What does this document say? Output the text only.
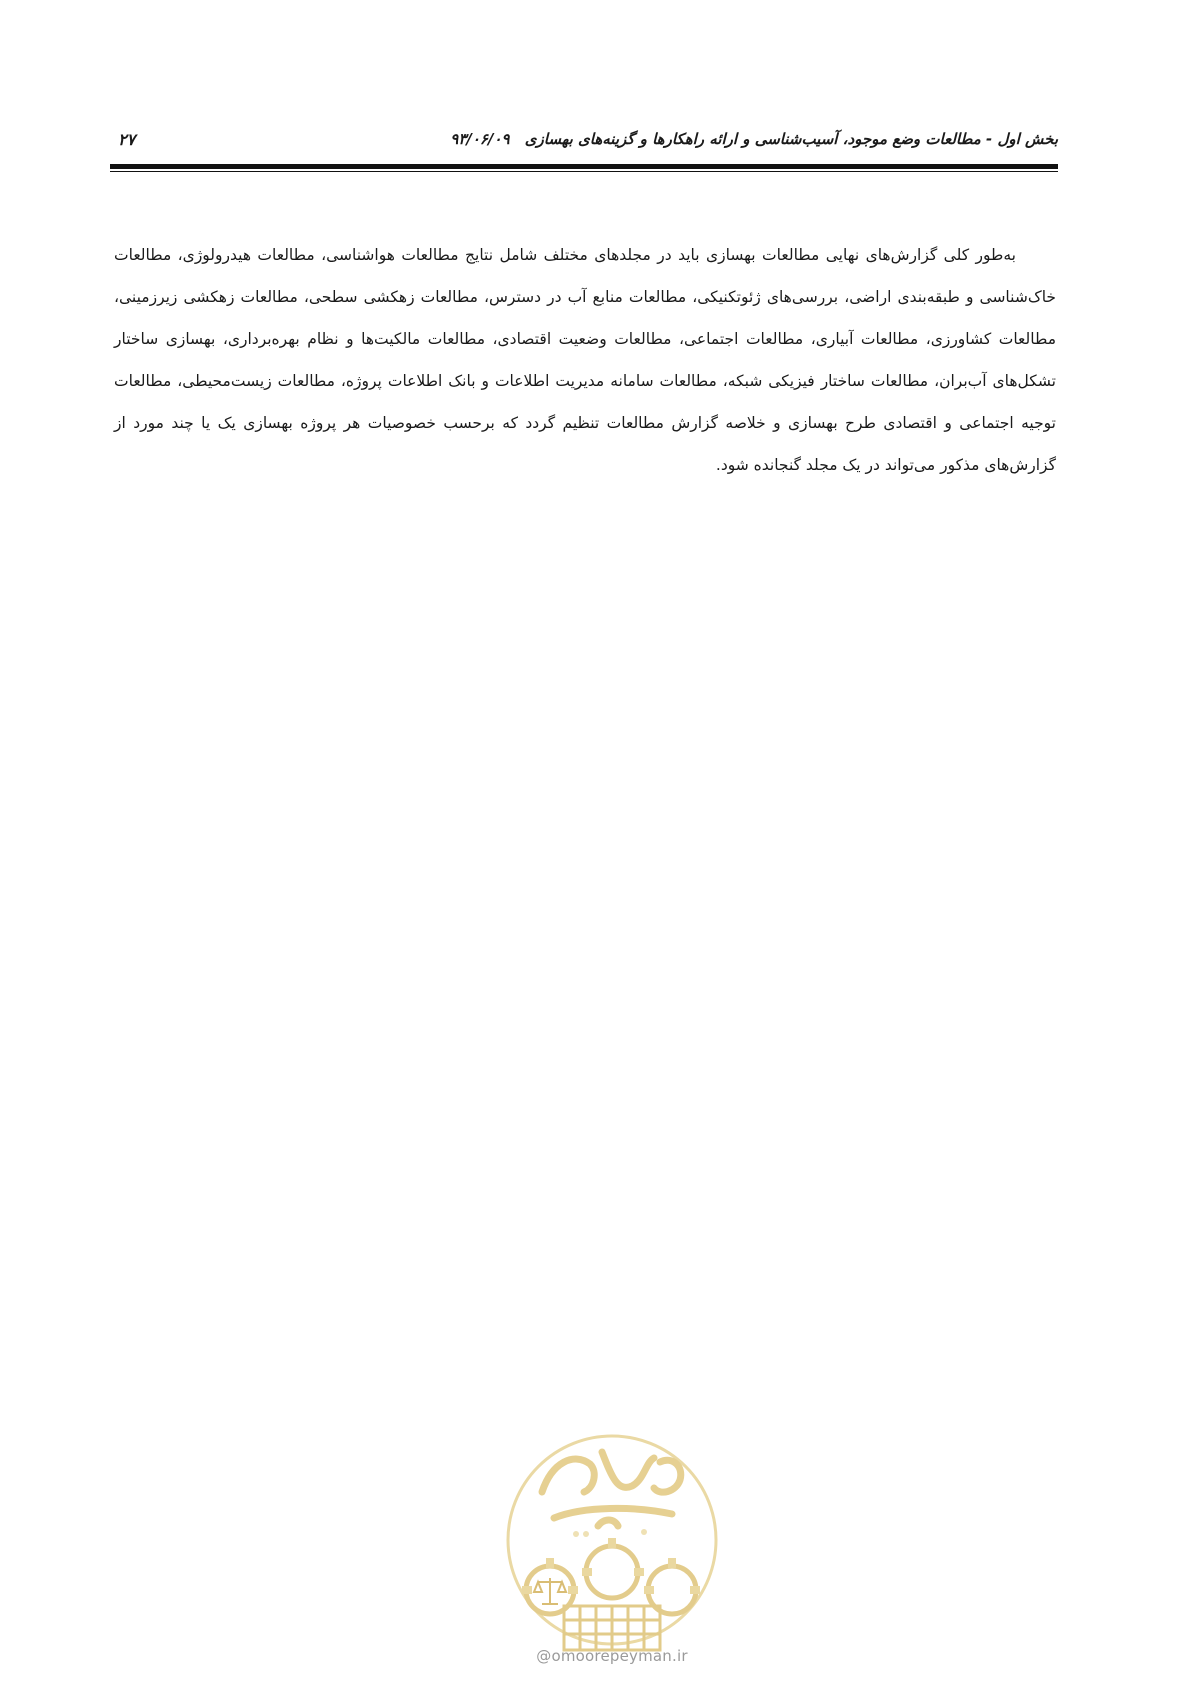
بخش اول - مطالعات وضع موجود، آسیب‌شناسی و ارائه راهکارها و گزینه‌های بهسازی ۹۳/۰۶/۰۹
۲۷

به‌طور کلی گزارش‌های نهایی مطالعات بهسازی باید در مجلدهای مختلف شامل نتایج مطالعات هواشناسی، مطالعات هیدرولوژی، مطالعات خاک‌شناسی و طبقه‌بندی اراضی، بررسی‌های ژئوتکنیکی، مطالعات منابع آب در دسترس، مطالعات زهکشی سطحی، مطالعات زهکشی زیرزمینی، مطالعات کشاورزی، مطالعات آبیاری، مطالعات اجتماعی، مطالعات وضعیت اقتصادی، مطالعات مالکیت‌ها و نظام بهره‌برداری، بهسازی ساختار تشکل‌های آب‌بران، مطالعات ساختار فیزیکی شبکه، مطالعات سامانه مدیریت اطلاعات و بانک اطلاعات پروژه، مطالعات زیست‌محیطی، مطالعات توجیه اجتماعی و اقتصادی طرح بهسازی و خلاصه گزارش مطالعات تنظیم گردد که برحسب خصوصیات هر پروژه بهسازی یک یا چند مورد از گزارش‌های مذکور می‌تواند در یک مجلد گنجانده شود.

@omoorepeyman.ir
